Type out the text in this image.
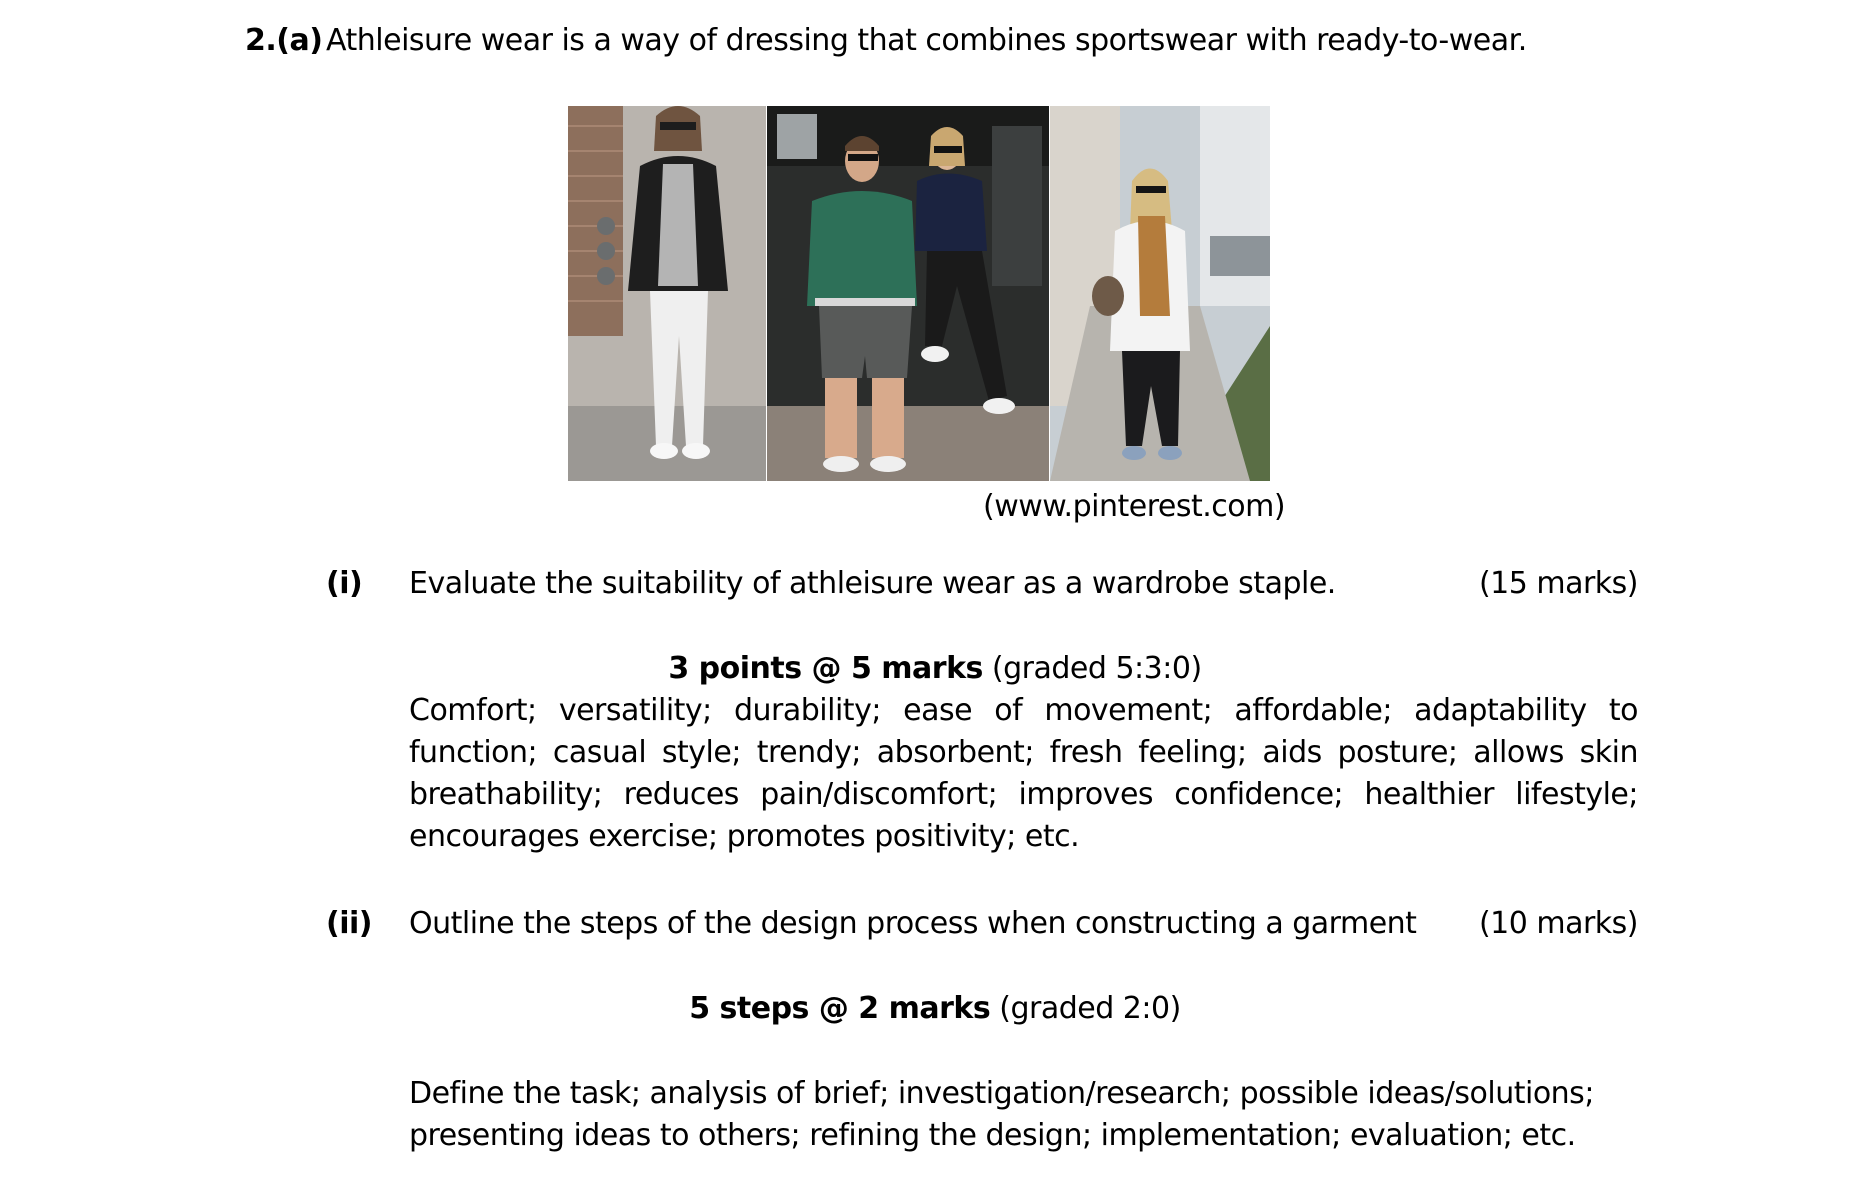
2.(a) Athleisure wear is a way of dressing that combines sportswear with ready-to-wear.
(www.pinterest.com)
(i) Evaluate the suitability of athleisure wear as a wardrobe staple.	(15 marks)
3 points @ 5 marks (graded 5:3:0)
Comfort; versatility; durability; ease of movement; affordable; adaptability to function; casual style; trendy; absorbent; fresh feeling; aids posture; allows skin breathability; reduces pain/discomfort; improves confidence; healthier lifestyle; encourages exercise; promotes positivity; etc.
(ii) Outline the steps of the design process when constructing a garment (10 marks)
5 steps @ 2 marks (graded 2:0)
Define the task; analysis of brief; investigation/research; possible ideas/solutions;
presenting ideas to others; refining the design; implementation; evaluation; etc.
